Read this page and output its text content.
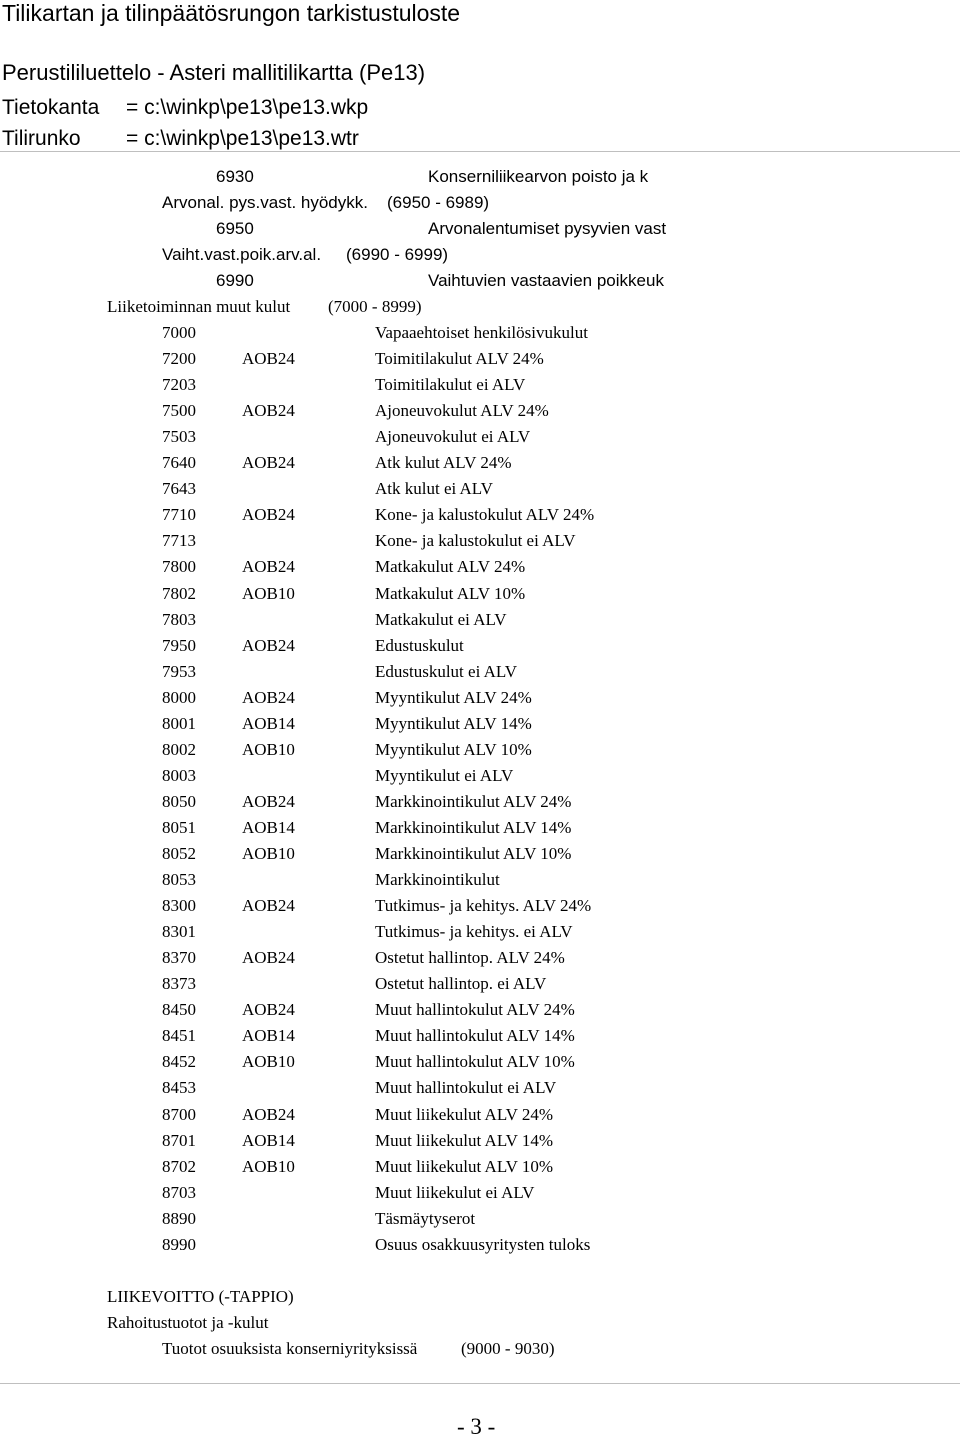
Tilikartan ja tilinpäätösrungon tarkistustuloste
Perustililuettelo - Asteri mallitilikartta (Pe13)
Tietokanta = c:\winkp\pe13\pe13.wkp
Tilirunko = c:\winkp\pe13\pe13.wtr
6930	Konserniliikearvon poisto ja k
Arvonal. pys.vast. hyödykk. (6950 - 6989)
6950	Arvonalentumiset pysyvien vast
Vaiht.vast.poik.arv.al. (6990 - 6999)
6990	Vaihtuvien vastaavien poikkeuk
Liiketoiminnan muut kulut (7000 - 8999)
7000	Vapaaehtoiset henkilösivukulut
7200	AOB24	Toimitilakulut ALV 24%
7203	Toimitilakulut ei ALV
7500	AOB24	Ajoneuvokulut ALV 24%
7503	Ajoneuvokulut ei ALV
7640	AOB24	Atk kulut ALV 24%
7643	Atk kulut ei ALV
7710	AOB24	Kone- ja kalustokulut ALV 24%
7713	Kone- ja kalustokulut ei ALV
7800	AOB24	Matkakulut ALV 24%
7802	AOB10	Matkakulut ALV 10%
7803	Matkakulut ei ALV
7950	AOB24	Edustuskulut
7953	Edustuskulut ei ALV
8000	AOB24	Myyntikulut ALV 24%
8001	AOB14	Myyntikulut ALV 14%
8002	AOB10	Myyntikulut ALV 10%
8003	Myyntikulut ei ALV
8050	AOB24	Markkinointikulut ALV 24%
8051	AOB14	Markkinointikulut ALV 14%
8052	AOB10	Markkinointikulut ALV 10%
8053	Markkinointikulut
8300	AOB24	Tutkimus- ja kehitys. ALV 24%
8301	Tutkimus- ja kehitys. ei ALV
8370	AOB24	Ostetut hallintop. ALV 24%
8373	Ostetut hallintop. ei ALV
8450	AOB24	Muut hallintokulut ALV 24%
8451	AOB14	Muut hallintokulut ALV 14%
8452	AOB10	Muut hallintokulut ALV 10%
8453	Muut hallintokulut ei ALV
8700	AOB24	Muut liikekulut ALV 24%
8701	AOB14	Muut liikekulut ALV 14%
8702	AOB10	Muut liikekulut ALV 10%
8703	Muut liikekulut ei ALV
8890	Täsmäytyserot
8990	Osuus osakkuusyritysten tuloks
LIIKEVOITTO (-TAPPIO)
Rahoitustuotot ja -kulut
Tuotot osuuksista konserniyrityksissä	(9000 - 9030)
- 3 -
